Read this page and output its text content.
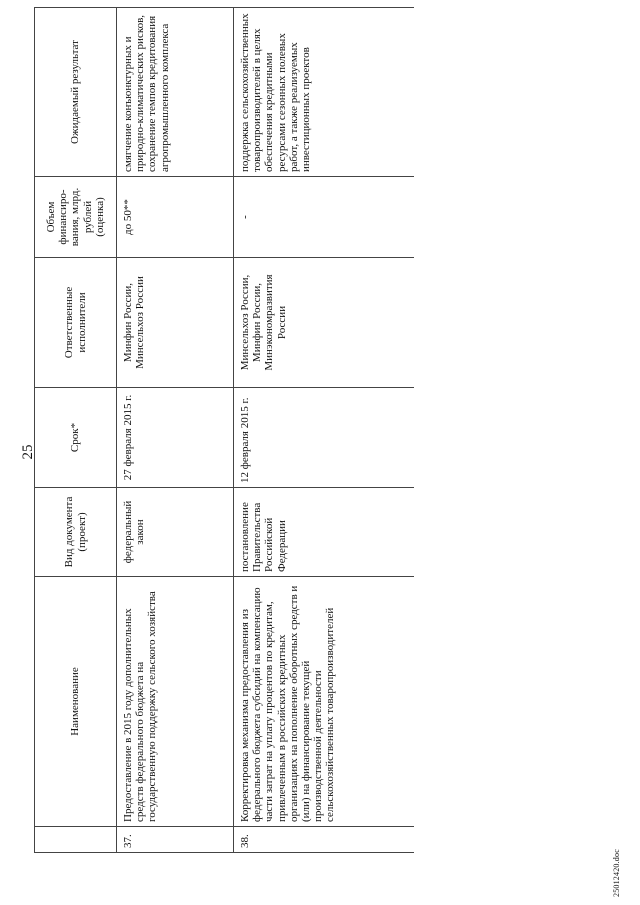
25
	Наименование	Вид документа (проект)	Срок*	Ответственные исполнители	Объем финансиро-вания, млрд. рублей (оценка)	Ожидаемый результат
37.	Предоставление в 2015 году дополнительных средств федерального бюджета на государственную поддержку сельского хозяйства	федеральный закон	27 февраля 2015 г.	Минфин России, Минсельхоз России	до 50**	смягчение конъюнктурных и природно-климатических рисков, сохранение темпов кредитования агропромышленного комплекса
38.	Корректировка механизма предоставления из федерального бюджета субсидий на компенсацию части затрат на уплату процентов по кредитам, привлеченным в российских кредитных организациях на пополнение оборотных средств и (или) на финансирование текущей производственной деятельности сельскохозяйственных товаропроизводителей	постановление Правительства Российской Федерации	12 февраля 2015 г.	Минсельхоз России, Минфин России, Минэкономразвития России	-	поддержка сельскохозяйственных товаропроизводителей в целях обеспечения кредитными ресурсами сезонных полевых работ, а также реализуемых инвестиционных проектов
25012420.doc
